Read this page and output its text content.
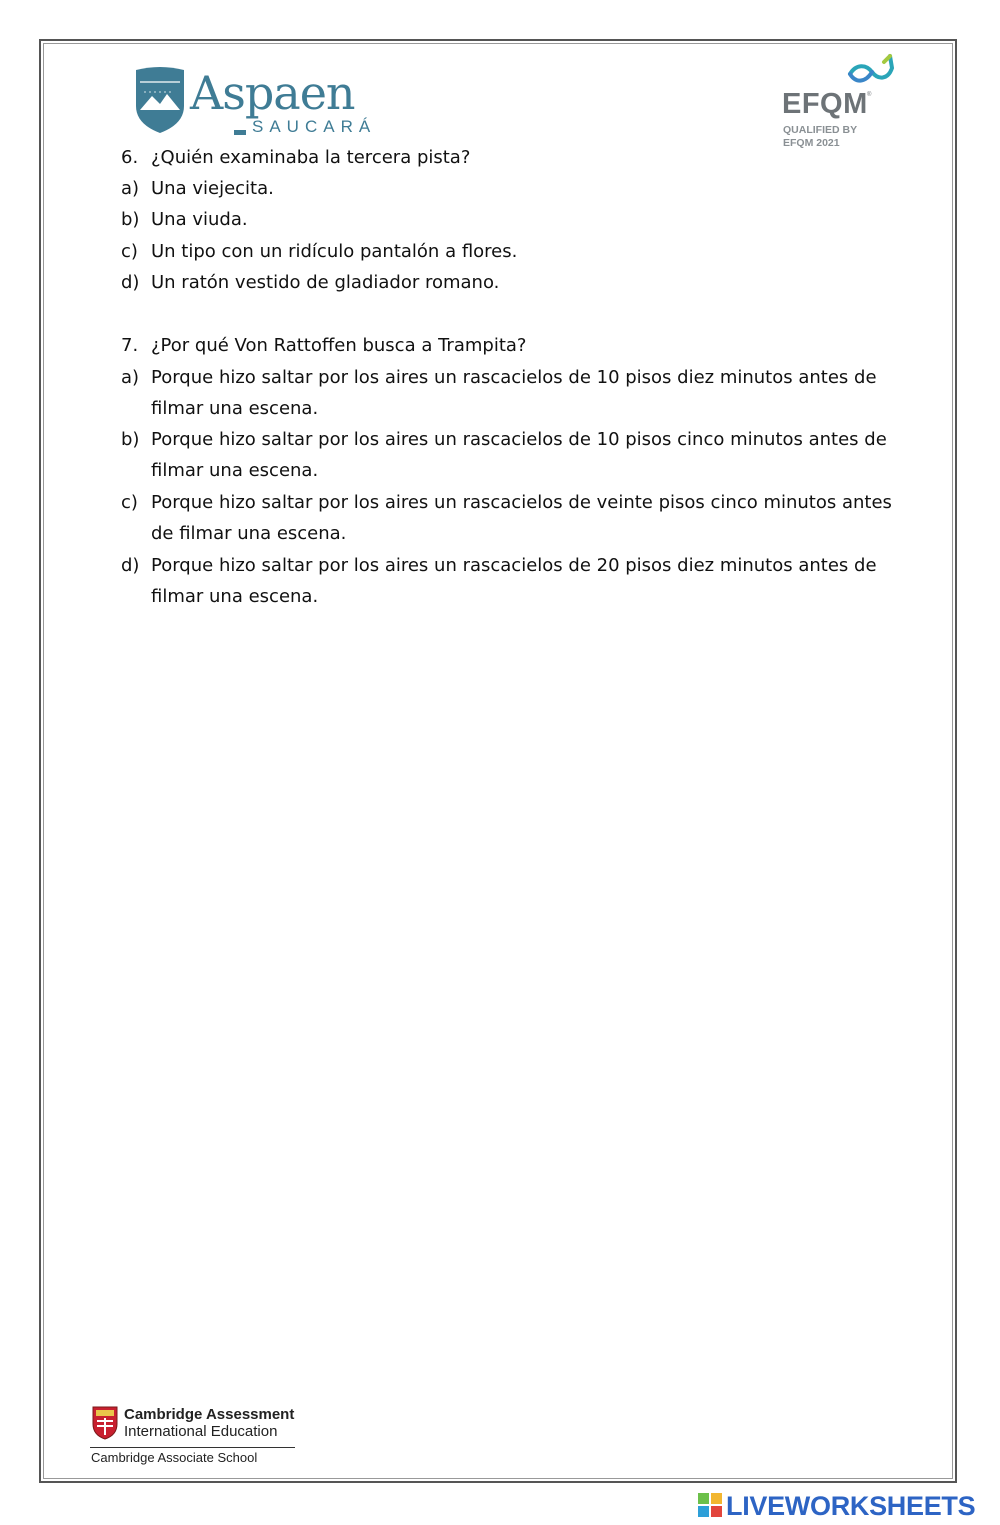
Aspaen
SAUCARÁ
EFQM ®
QUALIFIED BY
EFQM 2021
6. ¿Quién examinaba la tercera pista?
a) Una viejecita.
b) Una viuda.
c) Un tipo con un ridículo pantalón a flores.
d) Un ratón vestido de gladiador romano.
7. ¿Por qué Von Rattoffen busca a Trampita?
a) Porque hizo saltar por los aires un rascacielos de 10 pisos diez minutos antes de
filmar una escena.
b) Porque hizo saltar por los aires un rascacielos de 10 pisos cinco minutos antes de
filmar una escena.
c) Porque hizo saltar por los aires un rascacielos de veinte pisos cinco minutos antes
de filmar una escena.
d) Porque hizo saltar por los aires un rascacielos de 20 pisos diez minutos antes de
filmar una escena.
Cambridge Assessment
International Education
Cambridge Associate School
LIVEWORKSHEETS
